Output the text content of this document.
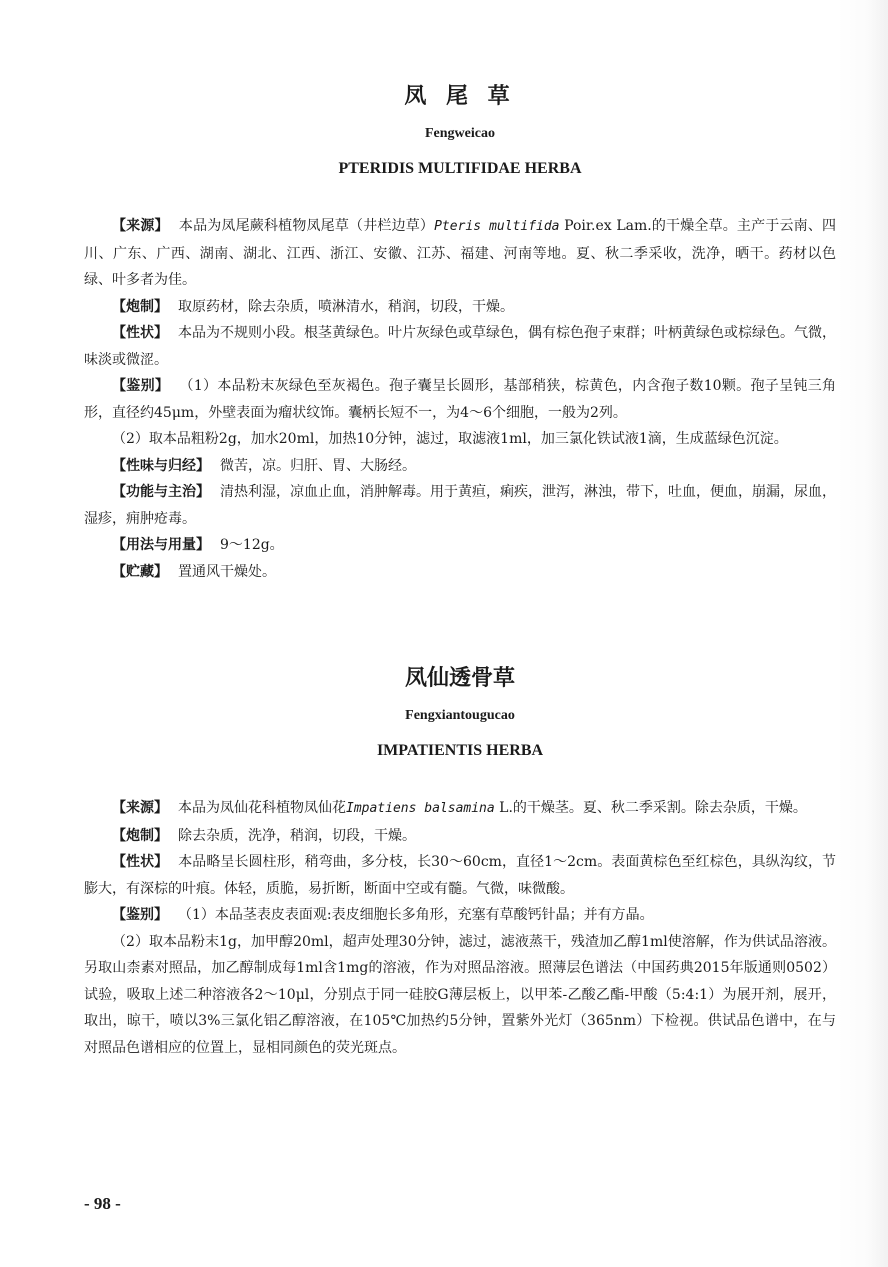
凤 尾 草
Fengweicao
PTERIDIS MULTIFIDAE HERBA

【来源】 本品为凤尾蕨科植物凤尾草（井栏边草）Pteris multifida Poir.ex Lam.的干燥全草。主产于云南、四川、广东、广西、湖南、湖北、江西、浙江、安徽、江苏、福建、河南等地。夏、秋二季采收，洗净，晒干。药材以色绿、叶多者为佳。

【炮制】 取原药材，除去杂质，喷淋清水，稍润，切段，干燥。

【性状】 本品为不规则小段。根茎黄绿色。叶片灰绿色或草绿色，偶有棕色孢子束群；叶柄黄绿色或棕绿色。气微，味淡或微涩。

【鉴别】 （1）本品粉末灰绿色至灰褐色。孢子囊呈长圆形，基部稍狭，棕黄色，内含孢子数10颗。孢子呈钝三角形，直径约45μm，外壁表面为瘤状纹饰。囊柄长短不一，为4～6个细胞，一般为2列。

（2）取本品粗粉2g，加水20ml，加热10分钟，滤过，取滤液1ml，加三氯化铁试液1滴，生成蓝绿色沉淀。

【性味与归经】 微苦，凉。归肝、胃、大肠经。

【功能与主治】 清热利湿，凉血止血，消肿解毒。用于黄疸，痢疾，泄泻，淋浊，带下，吐血，便血，崩漏，尿血，湿疹，痈肿疮毒。

【用法与用量】 9～12g。

【贮藏】 置通风干燥处。

凤仙透骨草
Fengxiantougucao
IMPATIENTIS HERBA

【来源】 本品为凤仙花科植物凤仙花Impatiens balsamina L.的干燥茎。夏、秋二季采割。除去杂质，干燥。

【炮制】 除去杂质，洗净，稍润，切段，干燥。

【性状】 本品略呈长圆柱形，稍弯曲，多分枝，长30～60cm，直径1～2cm。表面黄棕色至红棕色，具纵沟纹，节膨大，有深棕的叶痕。体轻，质脆，易折断，断面中空或有髓。气微，味微酸。

【鉴别】 （1）本品茎表皮表面观:表皮细胞长多角形，充塞有草酸钙针晶；并有方晶。

（2）取本品粉末1g，加甲醇20ml，超声处理30分钟，滤过，滤液蒸干，残渣加乙醇1ml使溶解，作为供试品溶液。另取山柰素对照品，加乙醇制成每1ml含1mg的溶液，作为对照品溶液。照薄层色谱法（中国药典2015年版通则0502）试验，吸取上述二种溶液各2～10μl，分别点于同一硅胶G薄层板上，以甲苯-乙酸乙酯-甲酸（5:4:1）为展开剂，展开，取出，晾干，喷以3%三氯化铝乙醇溶液，在105℃加热约5分钟，置紫外光灯（365nm）下检视。供试品色谱中，在与对照品色谱相应的位置上，显相同颜色的荧光斑点。

- 98 -
